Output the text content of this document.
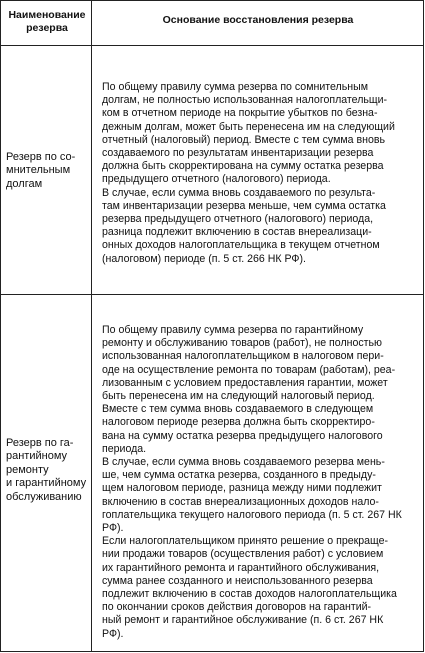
Наименование
резерва
Основание восстановления резерва
Резерв по со-
мнительным
долгам

По общему правилу сумма резерва по сомнительным
долгам, не полностью использованная налогоплательщи-
ком в отчетном периоде на покрытие убытков по безна-
дежным долгам, может быть перенесена им на следующий
отчетный (налоговый) период. Вместе с тем сумма вновь
создаваемого по результатам инвентаризации резерва
должна быть скорректирована на сумму остатка резерва
предыдущего отчетного (налогового) периода.

В случае, если сумма вновь создаваемого по результа-
там инвентаризации резерва меньше, чем сумма остатка
резерва предыдущего отчетного (налогового) периода,
разница подлежит включению в состав внереализаци-
онных доходов налогоплательщика в текущем отчетном
(налоговом) периоде (п. 5 ст. 266 НК РФ).

Резерв по га-
рантийному
ремонту
и гарантийному
обслуживанию

По общему правилу сумма резерва по гарантийному
ремонту и обслуживанию товаров (работ), не полностью
использованная налогоплательщиком в налоговом пери-
оде на осуществление ремонта по товарам (работам), реа-
лизованным с условием предоставления гарантии, может
быть перенесена им на следующий налоговый период.
Вместе с тем сумма вновь создаваемого в следующем
налоговом периоде резерва должна быть скорректиро-
вана на сумму остатка резерва предыдущего налогового
периода.

В случае, если сумма вновь создаваемого резерва мень-
ше, чем сумма остатка резерва, созданного в предыду-
щем налоговом периоде, разница между ними подлежит
включению в состав внереализационных доходов нало-
гоплательщика текущего налогового периода (п. 5 ст. 267 НК
РФ).

Если налогоплательщиком принято решение о прекраще-
нии продажи товаров (осуществления работ) с условием
их гарантийного ремонта и гарантийного обслуживания,
сумма ранее созданного и неиспользованного резерва
подлежит включению в состав доходов налогоплательщика
по окончании сроков действия договоров на гарантий-
ный ремонт и гарантийное обслуживание (п. 6 ст. 267 НК
РФ).
